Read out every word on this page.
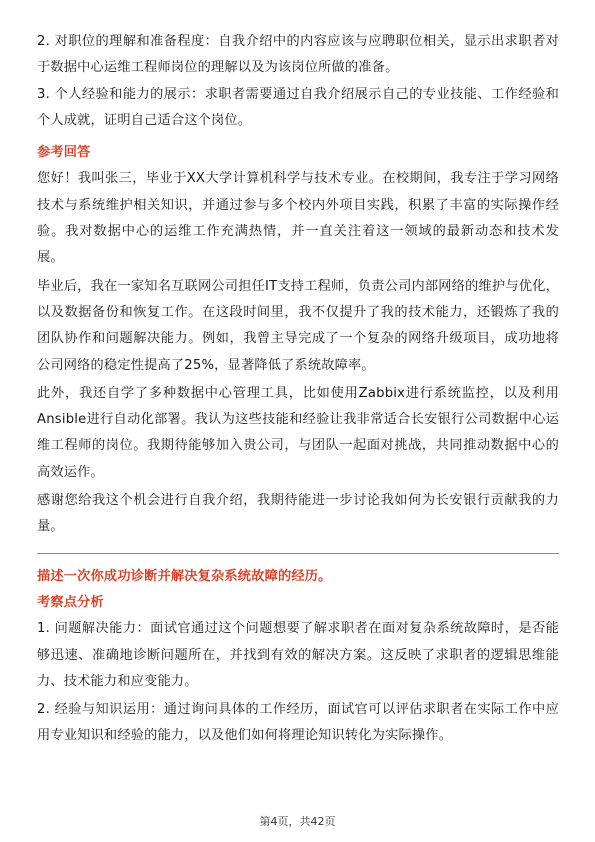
2. 对职位的理解和准备程度：自我介绍中的内容应该与应聘职位相关，显示出求职者对于数据中心运维工程师岗位的理解以及为该岗位所做的准备。

3. 个人经验和能力的展示：求职者需要通过自我介绍展示自己的专业技能、工作经验和个人成就，证明自己适合这个岗位。

参考回答

您好！我叫张三，毕业于XX大学计算机科学与技术专业。在校期间，我专注于学习网络技术与系统维护相关知识，并通过参与多个校内外项目实践，积累了丰富的实际操作经验。我对数据中心的运维工作充满热情，并一直关注着这一领域的最新动态和技术发展。

毕业后，我在一家知名互联网公司担任IT支持工程师，负责公司内部网络的维护与优化，以及数据备份和恢复工作。在这段时间里，我不仅提升了我的技术能力，还锻炼了我的团队协作和问题解决能力。例如，我曾主导完成了一个复杂的网络升级项目，成功地将公司网络的稳定性提高了25%，显著降低了系统故障率。

此外，我还自学了多种数据中心管理工具，比如使用Zabbix进行系统监控，以及利用Ansible进行自动化部署。我认为这些技能和经验让我非常适合长安银行公司数据中心运维工程师的岗位。我期待能够加入贵公司，与团队一起面对挑战，共同推动数据中心的高效运作。

感谢您给我这个机会进行自我介绍，我期待能进一步讨论我如何为长安银行贡献我的力量。

描述一次你成功诊断并解决复杂系统故障的经历。

考察点分析

1. 问题解决能力：面试官通过这个问题想要了解求职者在面对复杂系统故障时，是否能够迅速、准确地诊断问题所在，并找到有效的解决方案。这反映了求职者的逻辑思维能力、技术能力和应变能力。

2. 经验与知识运用：通过询问具体的工作经历，面试官可以评估求职者在实际工作中应用专业知识和经验的能力，以及他们如何将理论知识转化为实际操作。

第4页，共42页
